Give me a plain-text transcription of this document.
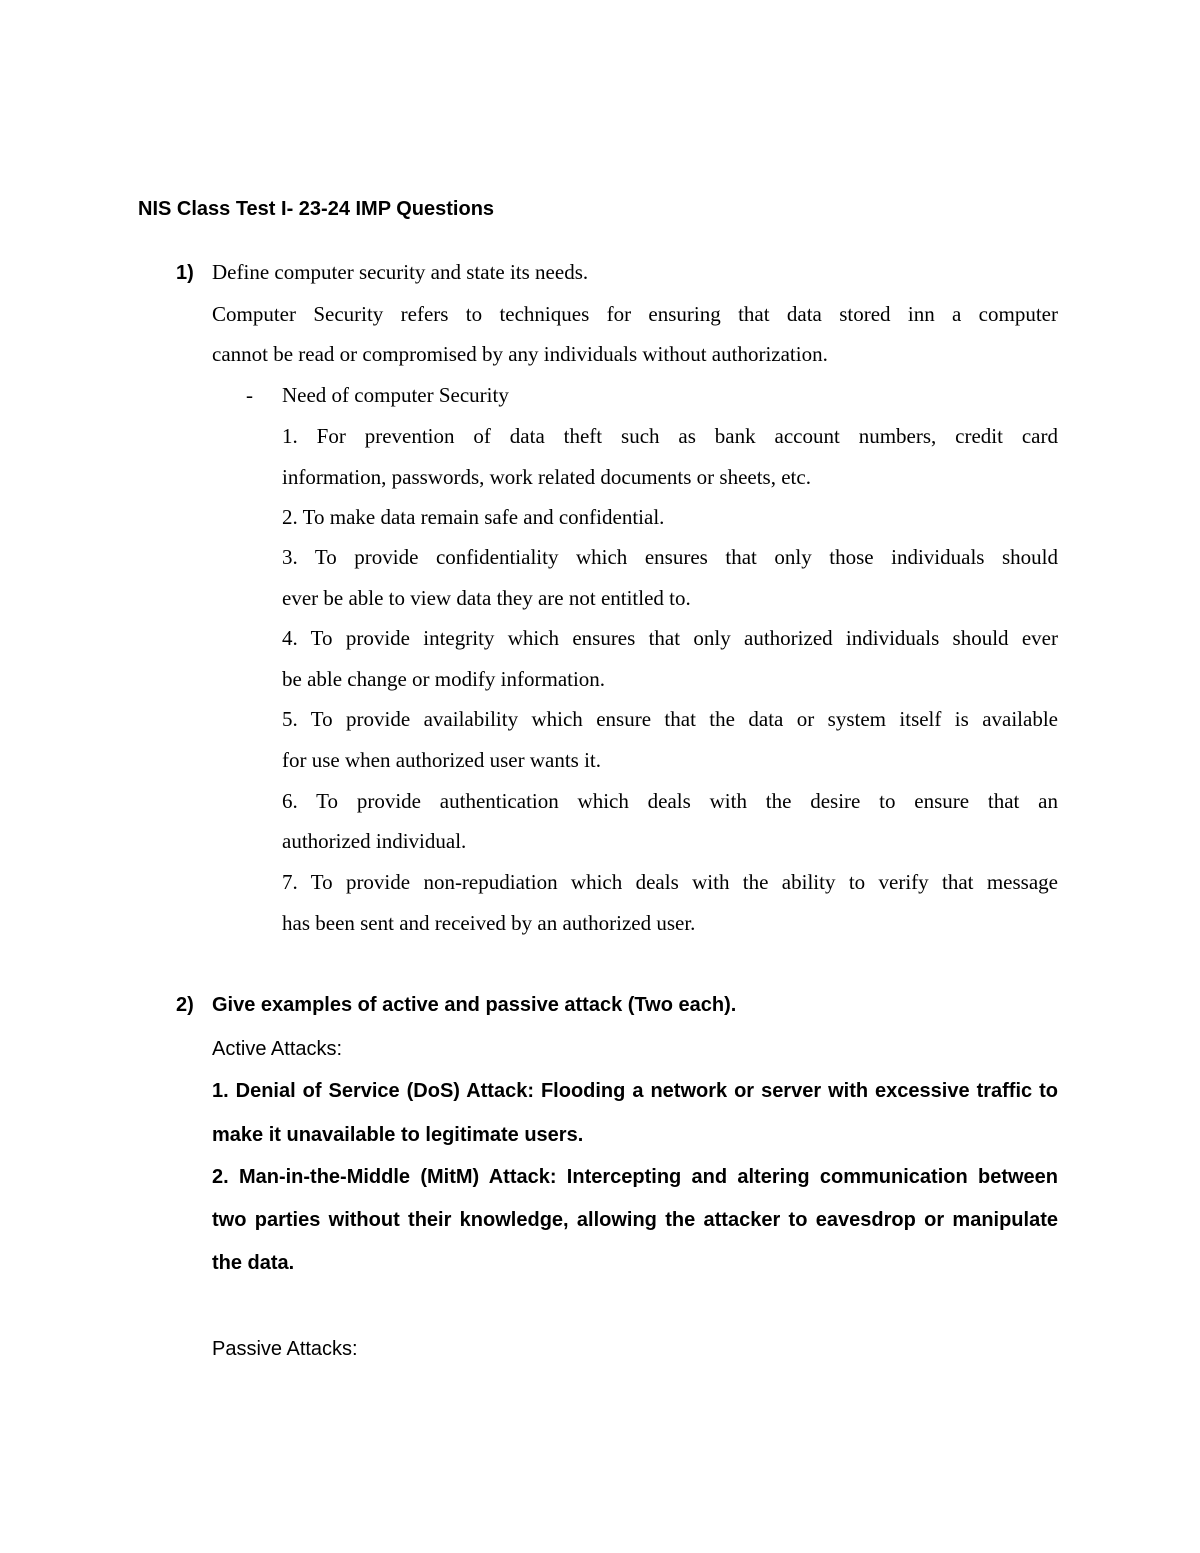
NIS Class Test I- 23-24 IMP Questions
1) Define computer security and state its needs.
Computer Security refers to techniques for ensuring that data stored inn a computer
cannot be read or compromised by any individuals without authorization.
- Need of computer Security
1. For prevention of data theft such as bank account numbers, credit card
information, passwords, work related documents or sheets, etc.
2. To make data remain safe and confidential.
3. To provide confidentiality which ensures that only those individuals should
ever be able to view data they are not entitled to.
4. To provide integrity which ensures that only authorized individuals should ever
be able change or modify information.
5. To provide availability which ensure that the data or system itself is available
for use when authorized user wants it.
6. To provide authentication which deals with the desire to ensure that an
authorized individual.
7. To provide non-repudiation which deals with the ability to verify that message
has been sent and received by an authorized user.
2) Give examples of active and passive attack (Two each).
Active Attacks:
1. Denial of Service (DoS) Attack: Flooding a network or server with excessive traffic to
make it unavailable to legitimate users.
2. Man-in-the-Middle (MitM) Attack: Intercepting and altering communication between
two parties without their knowledge, allowing the attacker to eavesdrop or manipulate
the data.
Passive Attacks:
